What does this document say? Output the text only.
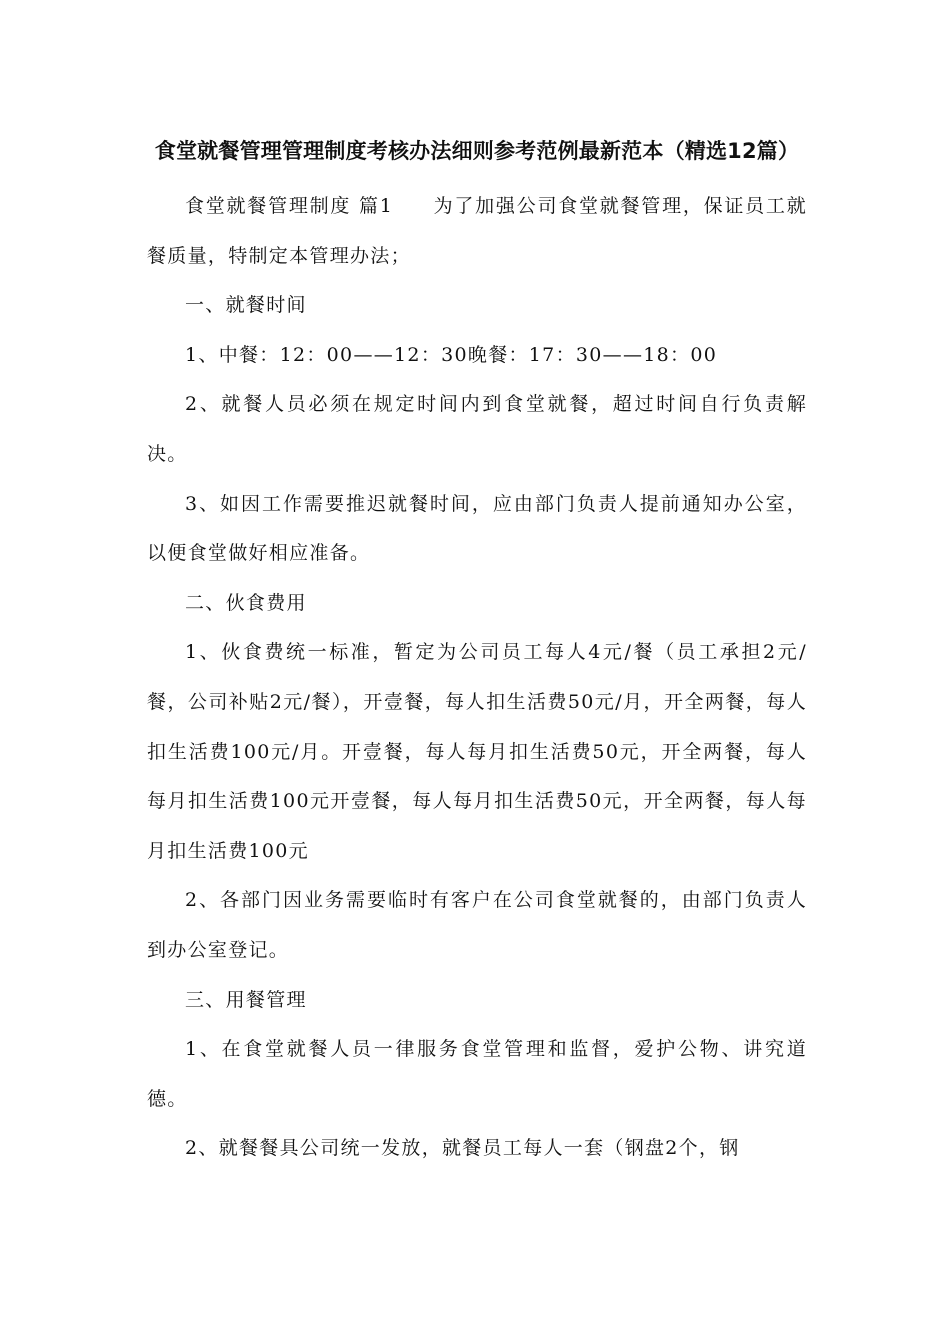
食堂就餐管理管理制度考核办法细则参考范例最新范本（精选12篇）

食堂就餐管理制度 篇1 为了加强公司食堂就餐管理，保证员工就餐质量，特制定本管理办法；

一、就餐时间

1、中餐：12：00——12：30晚餐：17：30——18：00

2、就餐人员必须在规定时间内到食堂就餐，超过时间自行负责解决。

3、如因工作需要推迟就餐时间，应由部门负责人提前通知办公室，以便食堂做好相应准备。

二、伙食费用

1、伙食费统一标准，暂定为公司员工每人4元/餐（员工承担2元/餐，公司补贴2元/餐），开壹餐，每人扣生活费50元/月，开全两餐，每人扣生活费100元/月。开壹餐，每人每月扣生活费50元，开全两餐，每人每月扣生活费100元开壹餐，每人每月扣生活费50元，开全两餐，每人每月扣生活费100元

2、各部门因业务需要临时有客户在公司食堂就餐的，由部门负责人到办公室登记。

三、用餐管理

1、在食堂就餐人员一律服务食堂管理和监督，爱护公物、讲究道德。

2、就餐餐具公司统一发放，就餐员工每人一套（钢盘2个，钢
